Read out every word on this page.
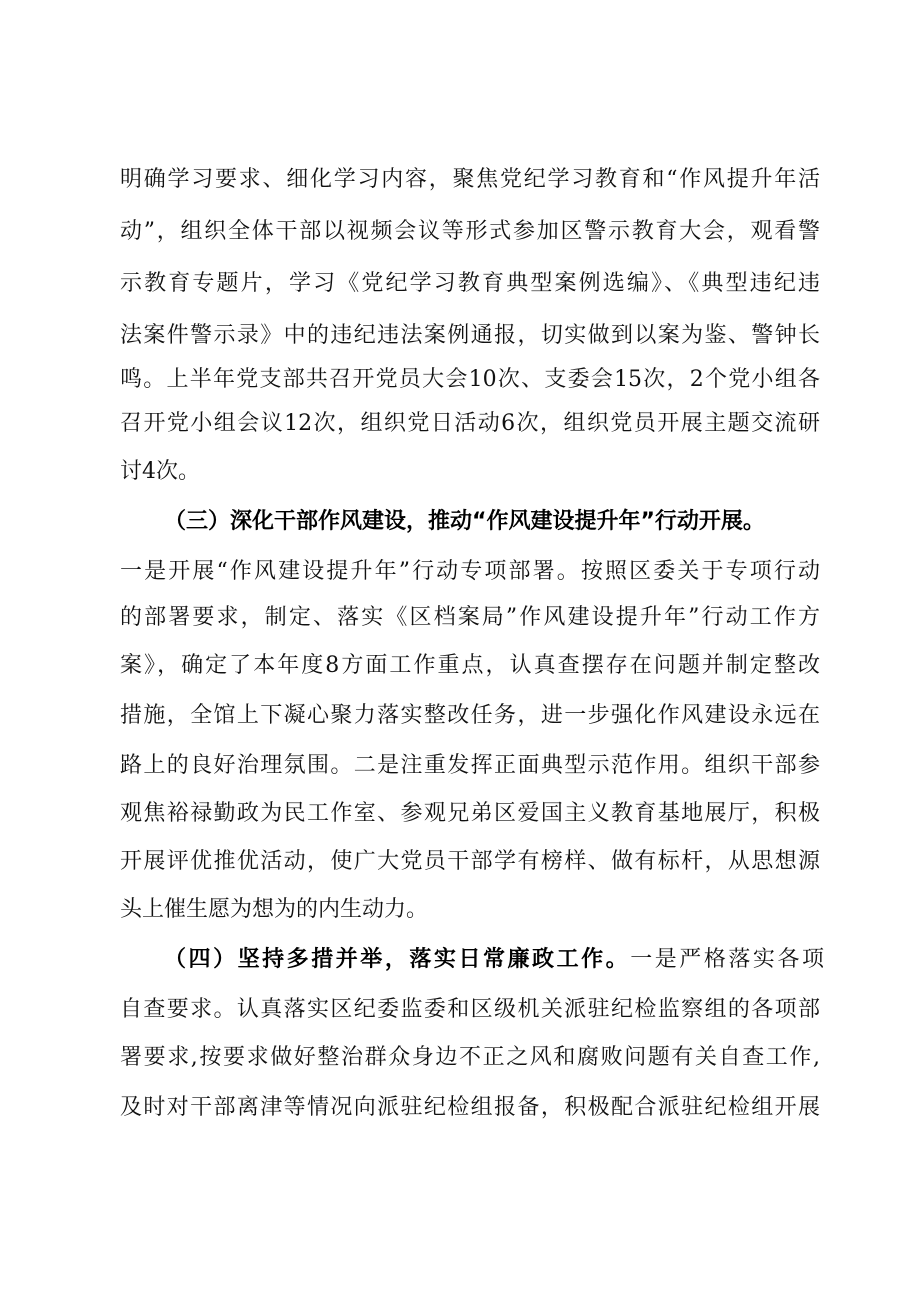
明确学习要求、细化学习内容，聚焦党纪学习教育和“作风提升年活
动”，组织全体干部以视频会议等形式参加区警示教育大会，观看警
示教育专题片，学习《党纪学习教育典型案例选编》、《典型违纪违
法案件警示录》中的违纪违法案例通报，切实做到以案为鉴、警钟长
鸣。上半年党支部共召开党员大会10次、支委会15次，2个党小组各
召开党小组会议12次，组织党日活动6次，组织党员开展主题交流研
讨4次。
（三）深化干部作风建设，推动“作风建设提升年”行动开展。
一是开展“作风建设提升年”行动专项部署。按照区委关于专项行动
的部署要求，制定、落实《区档案局”作风建设提升年”行动工作方
案》，确定了本年度8方面工作重点，认真查摆存在问题并制定整改
措施，全馆上下凝心聚力落实整改任务，进一步强化作风建设永远在
路上的良好治理氛围。二是注重发挥正面典型示范作用。组织干部参
观焦裕禄勤政为民工作室、参观兄弟区爱国主义教育基地展厅，积极
开展评优推优活动，使广大党员干部学有榜样、做有标杆，从思想源
头上催生愿为想为的内生动力。
（四）坚持多措并举，落实日常廉政工作。一是严格落实各项
自查要求。认真落实区纪委监委和区级机关派驻纪检监察组的各项部
署要求,按要求做好整治群众身边不正之风和腐败问题有关自查工作,
及时对干部离津等情况向派驻纪检组报备，积极配合派驻纪检组开展
